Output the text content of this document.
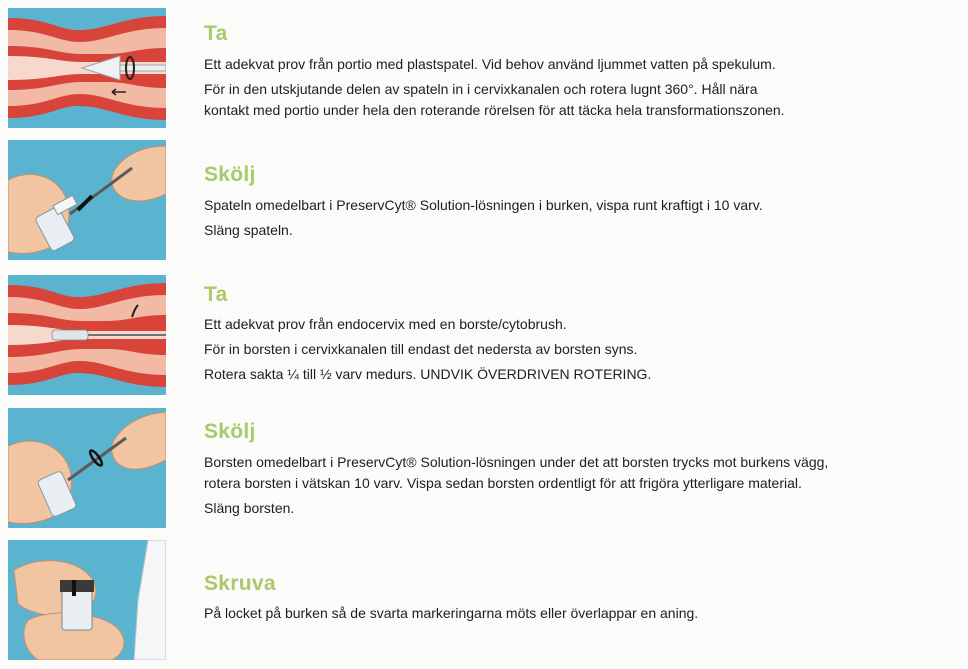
Ta
Ett adekvat prov från portio med plastspatel. Vid behov använd ljummet vatten på spekulum.
För in den utskjutande delen av spateln in i cervixkanalen och rotera lugnt 360°. Håll nära
kontakt med portio under hela den roterande rörelsen för att täcka hela transformationszonen.
Skölj
Spateln omedelbart i PreservCyt® Solution-lösningen i burken, vispa runt kraftigt i 10 varv.
Släng spateln.
Ta
Ett adekvat prov från endocervix med en borste/cytobrush.
För in borsten i cervixkanalen till endast det nedersta av borsten syns.
Rotera sakta ¼ till ½ varv medurs. UNDVIK ÖVERDRIVEN ROTERING.
Skölj
Borsten omedelbart i PreservCyt® Solution-lösningen under det att borsten trycks mot burkens vägg,
rotera borsten i vätskan 10 varv. Vispa sedan borsten ordentligt för att frigöra ytterligare material.
Släng borsten.
Skruva
På locket på burken så de svarta markeringarna möts eller överlappar en aning.
